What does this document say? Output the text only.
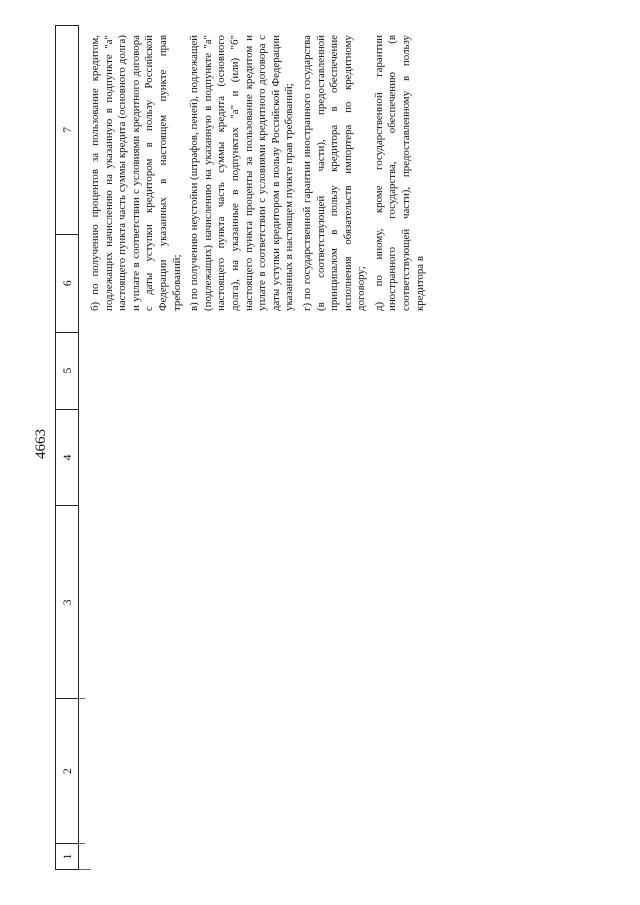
4663
1
2
3
4
5
6
7	б) по получению процентов за пользование кредитом, подлежащих начислению на указанную в подпункте "а" настоящего пункта часть суммы кредита (основного долга) и уплате в соответствии с условиями кредитного договора с даты уступки кредитором в пользу Российской Федерации указанных в настоящем пункте прав требований; в) по получению неустойки (штрафов, пеней), подлежащей (подлежащих) начислению на указанную в подпункте "а" настоящего пункта часть суммы кредита (основного долга), на указанные в подпунктах "а" и (или) "б" настоящего пункта проценты за пользование кредитом и уплате в соответствии с условиями кредитного договора с даты уступки кредитором в пользу Российской Федерации указанных в настоящем пункте прав требований; г) по государственной гарантии иностранного государства (в соответствующей части), предоставленной принципалом в пользу кредитора в обеспечение исполнения обязательств импортера по кредитному договору; д) по иному, кроме государственной гарантии иностранного государства, обеспечению (в соответствующей части), предоставленному в пользу кредитора в
